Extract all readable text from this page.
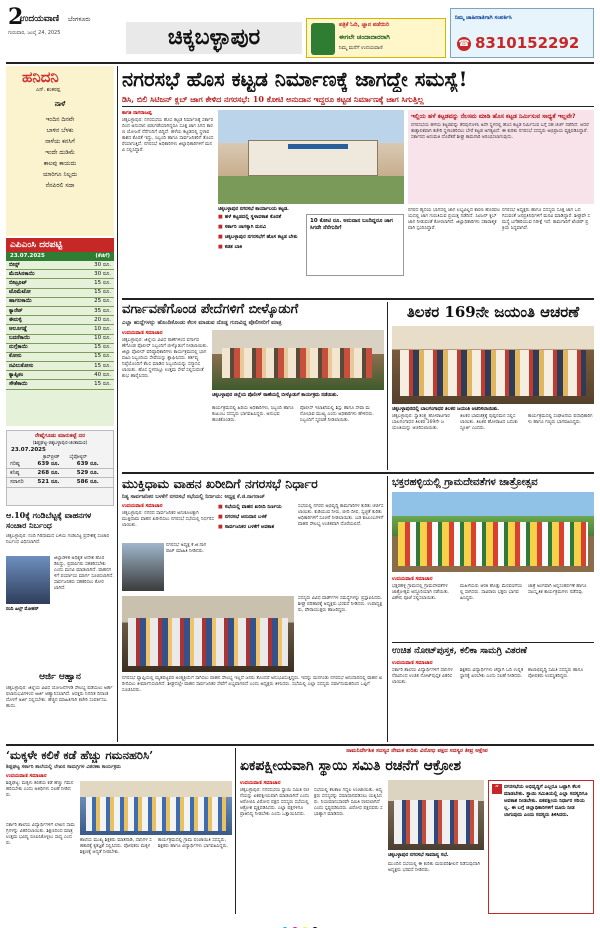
2
ಉದಯವಾಣಿ ಬೆಂಗಳೂರು
ಗುರುವಾರ, ಜುಲೈ 24, 2025	ಚಿಕ್ಕಬಳ್ಳಾಪುರ	ಪತ್ರಿಕೆ ಓದಿ, ಜ್ಞಾನ ಪಡೆಯಿರಿ
ಈಗಲೇ ಚಂದಾದಾರರಾಗಿ
ನಿಮ್ಮ ಮನೆಗೆ ಉದಯವಾಣಿ
ನಿಮ್ಮ ಜಾಹೀರಾತಿಗಾಗಿ ಸಂಪರ್ಕಿಸಿ
☎ 8310152292
ಹನಿದನಿ
ಎನ್. ಶಂಕರಪ್ಪ
ನಾಳೆ
ಇಂದಿನ ದಿನವೇ
ಬಾಳಿನ ಬೆಳಕು
ನಾಳೆಯ ಕನಸಿಗೆ
ಇಂದೇ ದುಡಿಮೆ
ಕಾಲವು ಕಾಯದು
ಯಾರಿಗೂ ನಿಲ್ಲದು
ನೆನಪಿರಲಿ ಸದಾ
ಎಪಿಎಂಸಿ ದರಪಟ್ಟಿ
23.07.2025	(ಕೆಜಿಗೆ)
ಬೀನ್ಸ್	30 ರೂ.
ಮೆಣಸಿನಕಾಯಿ	30 ರೂ.
ಬೀಟ್ರೂಟ್	15 ರೂ.
ಟೊಮೆಟೋ	15 ರೂ.
ಹಾಗಲಕಾಯಿ	25 ರೂ.
ಕ್ಯಾರೆಟ್	35 ರೂ.
ಈರುಳ್ಳಿ	20 ರೂ.
ಆಲೂಗಡ್ಡೆ	10 ರೂ.
ಬದನೆಕಾಯಿ	10 ರೂ.
ನುಗ್ಗೆಕಾಯಿ	15 ರೂ.
ಕೋಸು	15 ರೂ.
ನವಿಲುಕೋಸು	15 ರೂ.
ಕ್ಯಾಪ್ಸಿಕಂ	40 ರೂ.
ಸೌತೆಕಾಯಿ	15 ರೂ.
ರೇಷ್ಮೆಗೂಡು ಮಾರುಕಟ್ಟೆ ದರ
(ಶಿಡ್ಲಘಟ್ಟ-ಚಿಕ್ಕಬಳ್ಳಾಪುರ-ಚಿಂತಾಮಣಿ)
23.07.2025
ಕ್ರಾಸ್‌ಬ್ರೀಡ್ ಬೈವೋಲ್ಟಿನ್
ಗರಿಷ್ಠ	639 ರೂ.	639 ರೂ.
ಕನಿಷ್ಠ	268 ರೂ.	529 ರೂ.
ಸರಾಸರಿ	521 ರೂ.	586 ರೂ.
ಆ.10ಕ್ಕೆ ಗಂಡಿಬೆಟ್ಟಕ್ಕೆ ವಾಹನಗಳ ಸಂಚಾರ ನಿರ್ಬಂಧ
ಚಿಕ್ಕಬಳ್ಳಾಪುರ: ನಂದಿ ಗಿರಿಧಾಮದ ಬಳಿಯ ಗಂಡಿಬೆಟ್ಟ ಪ್ರದೇಶಕ್ಕೆ ಸಂಚಾರ ನಿರ್ಬಂಧ ವಿಧಿಸಲಾಗಿದೆ.
ನಂದಿ ಹಿಲ್ಸ್ ಮೋಹನ್
ಜಿಲ್ಲಾಡಳಿತ ಅಧಿಕೃತ ಆದೇಶ ಹೊರಡಿಸಿದ್ದು, ಪ್ರವಾಸಿಗರು ಸಹಕರಿಸಬೇಕು ಎಂದು ಮನವಿ ಮಾಡಲಾಗಿದೆ. ವಾಹನಗಳಿಗೆ ಪರ್ಯಾಯ ಮಾರ್ಗ ಸೂಚಿಸಲಾಗಿದೆ. ಸಾರ್ವಜನಿಕರು ಸಹಕರಿಸಲು ಕೋರಲಾಗಿದೆ.
ಆರ್ಜಿ ಆಹ್ವಾನ
ಚಿಕ್ಕಬಳ್ಳಾಪುರ: ಜಿಲ್ಲೆಯ ವಿವಿಧ ಯೋಜನೆಗಳಡಿ ಸೌಲಭ್ಯ ಪಡೆಯಲು ಅರ್ಹ ಫಲಾನುಭವಿಗಳಿಂದ ಅರ್ಜಿ ಆಹ್ವಾನಿಸಲಾಗಿದೆ. ಆಸಕ್ತರು ನಿಗದಿತ ದಿನಾಂಕದೊಳಗೆ ಅರ್ಜಿ ಸಲ್ಲಿಸಬೇಕು. ಹೆಚ್ಚಿನ ಮಾಹಿತಿಗಾಗಿ ಕಚೇರಿ ಸಂಪರ್ಕಿಸಬಹುದು.
ನಗರಸಭೆ ಹೊಸ ಕಟ್ಟಡ ನಿರ್ಮಾಣಕ್ಕೆ ಜಾಗದ್ದೇ ಸಮಸ್ಯೆ!
ಡಿಸಿ, ಬಿಲಿ ಸಿಟಿಜನ್ ಕ್ಲಬ್ ಜಾಗ ಕೇಳಿದ ನಗರಸಭೆ: 10 ಕೋಟಿ ಅನುದಾನ ಇದ್ದರೂ ಕಟ್ಟಡ ನಿರ್ಮಾಣಕ್ಕೆ ಜಾಗ ಸಿಗುತ್ತಿಲ್ಲ
ಕಾಗತಿ ನಾಗರಾಜಪ್ಪ
ಚಿಕ್ಕಬಳ್ಳಾಪುರ: ನಗರಸಭೆಯ ಹೊಸ ಕಟ್ಟಡ ನಿರ್ಮಾಣಕ್ಕೆ ಸರ್ಕಾರದಿಂದ ಅನುದಾನ ಬಿಡುಗಡೆಯಾಗಿದ್ದರೂ ಸೂಕ್ತ ಜಾಗ ಸಿಗದ ಕಾರಣ ಯೋಜನೆ ನೆನೆಗುದಿಗೆ ಬಿದ್ದಿದೆ. ಹಳೆಯ ಕಟ್ಟಡದಲ್ಲಿ ಸ್ಥಳಾವಕಾಶದ ಕೊರತೆ ಇದ್ದು, ಸಿಬ್ಬಂದಿ ಹಾಗೂ ಸಾರ್ವಜನಿಕರಿಗೆ ತೊಂದರೆಯಾಗುತ್ತಿದೆ. ನಗರಸಭೆ ಅಧಿಕಾರಿಗಳು ಜಿಲ್ಲಾಧಿಕಾರಿಗಳಿಗೆ ಮನವಿ ಸಲ್ಲಿಸಿದ್ದಾರೆ.
ಚಿಕ್ಕಬಳ್ಳಾಪುರ ನಗರಸಭೆ ಕಾರ್ಯಾಲಯ ಕಟ್ಟಡ.
■ ಹಳೆ ಕಟ್ಟಡದಲ್ಲಿ ಸ್ಥಳಾವಕಾಶ ಕೊರತೆ
■ ಸರ್ಕಾರಿ ಜಾಗಕ್ಕಾಗಿ ಮನವಿ
■ ಚಿಕ್ಕಬಳ್ಳಾಪುರ ನಗರಸಭೆಗೆ ಹೊಸ ಕಟ್ಟಡ ಬೇಕು
■ ಕಡತ ಬಾಕಿ
10 ಕೋಟಿ ರೂ. ಅನುದಾನ ಬಂದಿದ್ದರೂ ಜಾಗ ಸಿಗದೇ ನೆನೆಗುದಿಗೆ
ಇಲ್ಲಿಯ ಹಳೆ ಕಟ್ಟಡವನ್ನು ನೆಲಸಮ ಮಾಡಿ ಹೊಸ ಕಟ್ಟಡ ನಿರ್ಮಿಸುವ ಸಾಧ್ಯತೆ ಇಲ್ಲವೇ?
ನಗರಸಭೆಯ ಹಳೆಯ ಕಟ್ಟಡವನ್ನು ತೆರವುಗೊಳಿಸಿ ಅದೇ ಸ್ಥಳದಲ್ಲಿ ಹೊಸ ಕಟ್ಟಡ ನಿರ್ಮಿಸುವ ಬಗ್ಗೆ ಸಹ ಚರ್ಚೆ ನಡೆದಿದೆ. ಆದರೆ ತಾತ್ಕಾಲಿಕವಾಗಿ ಕಚೇರಿ ಸ್ಥಳಾಂತರಿಸಲು ಬೇರೆ ಕಟ್ಟಡ ಅಗತ್ಯವಿದೆ. ಈ ಕುರಿತು ನಗರಸಭೆ ಸದಸ್ಯರು ಅಭಿಪ್ರಾಯ ವ್ಯಕ್ತಪಡಿಸಿದ್ದಾರೆ. ಸರ್ಕಾರದ ಅನುಮತಿ ದೊರೆತರೆ ಶೀಘ್ರ ಕಾಮಗಾರಿ ಆರಂಭಿಸಲಾಗುವುದು.
ನಗರದ ಹೃದಯ ಭಾಗದಲ್ಲಿ ಜಾಗ ಲಭ್ಯವಿಲ್ಲದ ಕಾರಣ ಹೊರವಲಯದಲ್ಲಿ ಜಾಗ ಗುರುತಿಸುವ ಪ್ರಯತ್ನ ನಡೆದಿದೆ. ಸಿಟಿಜನ್ ಕ್ಲಬ್ ಜಾಗ ನೀಡುವಂತೆ ಕೋರಲಾಗಿದೆ. ಜಿಲ್ಲಾಧಿಕಾರಿಗಳು ಸಕಾರಾತ್ಮಕವಾಗಿ ಸ್ಪಂದಿಸಿದ್ದಾರೆ.
ನಗರಸಭೆ ಅಧ್ಯಕ್ಷರು ಹಾಗೂ ಸದಸ್ಯರು ಸೂಕ್ತ ಜಾಗ ಒದಗಿಸುವಂತೆ ಜನಪ್ರತಿನಿಧಿಗಳಿಗೆ ಮನವಿ ಮಾಡಿದ್ದಾರೆ. ಶೀಘ್ರವೇ ಸಮಸ್ಯೆ ಬಗೆಹರಿಯುವ ನಿರೀಕ್ಷೆ ಇದೆ. ಕಾಮಗಾರಿಗೆ ಟೆಂಡರ್ ಪ್ರಕ್ರಿಯೆ ಸಿದ್ಧವಾಗಿದೆ.
ವರ್ಗಾವಣೆಗೊಂಡ ಪೇದೆಗಳಿಗೆ ಬೀಳ್ಕೊಡುಗೆ
ಎಲ್ಲಾ ಹುದ್ದೆಗಳನ್ನು ಹೊಂದಿಕೊಂಡು ಕೆಲಸ ಮಾಡುವ ದೊಡ್ಡ ಗುಣವಿದ್ದ ಪೊಲೀಸರಿಗೆ ಮಾತ್ರ
ಉದಯವಾಣಿ ಸಮಾಚಾರ
ಚಿಕ್ಕಬಳ್ಳಾಪುರ: ಜಿಲ್ಲೆಯ ವಿವಿಧ ಠಾಣೆಗಳಿಂದ ವರ್ಗಾವಣೆಗೊಂಡ ಪೊಲೀಸ್ ಸಿಬ್ಬಂದಿಗೆ ಬೀಳ್ಕೊಡುಗೆ ನೀಡಲಾಯಿತು. ಜಿಲ್ಲಾ ಪೊಲೀಸ್ ವರಿಷ್ಠಾಧಿಕಾರಿಗಳು ಕಾರ್ಯಕ್ರಮದಲ್ಲಿ ಭಾಗವಹಿಸಿ ಸಿಬ್ಬಂದಿಯ ಸೇವೆಯನ್ನು ಶ್ಲಾಘಿಸಿದರು. ಕರ್ತವ್ಯ ನಿಷ್ಠೆಯೊಂದಿಗೆ ಕೆಲಸ ಮಾಡಿದ ಸಿಬ್ಬಂದಿಯನ್ನು ಸನ್ಮಾನಿಸಲಾಯಿತು. ಹೊಸ ಸ್ಥಳದಲ್ಲೂ ಉತ್ತಮ ಸೇವೆ ಸಲ್ಲಿಸುವಂತೆ ಶುಭ ಹಾರೈಸಿದರು.
ಚಿಕ್ಕಬಳ್ಳಾಪುರ ಜಿಲ್ಲೆಯ ಪೊಲೀಸ್ ಠಾಣೆಯಲ್ಲಿ ಬೀಳ್ಕೊಡುಗೆ ಕಾರ್ಯಕ್ರಮ ನಡೆಯಿತು.
ಕಾರ್ಯಕ್ರಮದಲ್ಲಿ ಹಿರಿಯ ಅಧಿಕಾರಿಗಳು, ಸಿಬ್ಬಂದಿ ಹಾಗೂ ಕುಟುಂಬ ಸದಸ್ಯರು ಭಾಗವಹಿಸಿದ್ದರು. ಅನುಭವ ಹಂಚಿಕೊಂಡರು.
ಪೊಲೀಸ್ ಇಲಾಖೆಯಲ್ಲಿ ಶಿಸ್ತು ಹಾಗೂ ಸೇವಾ ಮನೋಭಾವ ಮುಖ್ಯ ಎಂದು ಅಧಿಕಾರಿಗಳು ಹೇಳಿದರು. ಸಿಬ್ಬಂದಿಗೆ ಸ್ಮರಣಿಕೆ ನೀಡಲಾಯಿತು.
ತಿಲಕರ 169ನೇ ಜಯಂತಿ ಆಚರಣೆ
ಚಿಕ್ಕಬಳ್ಳಾಪುರದಲ್ಲಿ ಬಾಲಗಂಗಾಧರ ತಿಲಕರ ಜಯಂತಿ ಆಚರಿಸಲಾಯಿತು.
ಚಿಕ್ಕಬಳ್ಳಾಪುರ: ಸ್ವಾತಂತ್ರ್ಯ ಹೋರಾಟಗಾರ ಬಾಲಗಂಗಾಧರ ತಿಲಕರ 169ನೇ ಜಯಂತಿಯನ್ನು ಆಚರಿಸಲಾಯಿತು.
ತಿಲಕರ ಭಾವಚಿತ್ರಕ್ಕೆ ಪುಷ್ಪನಮನ ಸಲ್ಲಿಸಲಾಯಿತು. ತಿಲಕರ ಹೋರಾಟದ ಬದುಕು ಸ್ಫೂರ್ತಿ ಎಂದರು.
ಕಾರ್ಯಕ್ರಮದಲ್ಲಿ ಸಂಘಟನೆಯ ಪದಾಧಿಕಾರಿಗಳು ಹಾಗೂ ಗಣ್ಯರು ಭಾಗವಹಿಸಿದ್ದರು.
ಮುಕ್ತಿಧಾಮ ವಾಹನ ಖರೀದಿಗೆ ನಗರಸಭೆ ನಿರ್ಧಾರ
ನಿತ್ಯ ಸಾರ್ವಜನಿಕರ ಬಳಕೆಗೆ ನಗರಸಭೆ ಸಭೆಯಲ್ಲಿ ನಿರ್ಣಯ: ಅಧ್ಯಕ್ಷ ಕೆ.ಜಿ.ನಾಗರಾಜ್
ಉದಯವಾಣಿ ಸಮಾಚಾರ
ಚಿಕ್ಕಬಳ್ಳಾಪುರ: ನಗರದ ಸಾರ್ವಜನಿಕರ ಅನುಕೂಲಕ್ಕಾಗಿ ಮುಕ್ತಿಧಾಮ ವಾಹನ ಖರೀದಿಸಲು ನಗರಸಭೆ ಸಭೆಯಲ್ಲಿ ನಿರ್ಧರಿಸಲಾಯಿತು.
ನಗರಸಭೆ ಅಧ್ಯಕ್ಷ ಕೆ.ಜಿ.ನಾಗರಾಜ್ ಮಾಹಿತಿ ನೀಡಿದರು.
■ ಸಭೆಯಲ್ಲಿ ವಾಹನ ಖರೀದಿ ನಿರ್ಣಯ
■ ನಗರಸಭೆ ಅನುದಾನ ಬಳಕೆ
■ ಸಾರ್ವಜನಿಕರ ಬಳಕೆಗೆ ಅವಕಾಶ
ಸಭೆಯಲ್ಲಿ ನಗರದ ಅಭಿವೃದ್ಧಿ ಕಾಮಗಾರಿಗಳ ಕುರಿತು ಚರ್ಚಿಸಲಾಯಿತು. ಕುಡಿಯುವ ನೀರು, ಬೀದಿ ದೀಪ, ಸ್ವಚ್ಛತೆ ಕುರಿತು ಅಧಿಕಾರಿಗಳಿಗೆ ಸೂಚನೆ ನೀಡಲಾಯಿತು. ಬಡ ಕುಟುಂಬಗಳಿಗೆ ವಾಹನ ಸೌಲಭ್ಯ ಉಚಿತವಾಗಿ ದೊರೆಯಲಿದೆ.
ಸದಸ್ಯರು ವಿವಿಧ ವಾರ್ಡ್‌ಗಳ ಸಮಸ್ಯೆಗಳನ್ನು ಪ್ರಸ್ತಾಪಿಸಿದರು. ಶೀಘ್ರ ಪರಿಹಾರಕ್ಕೆ ಅಧ್ಯಕ್ಷರು ಭರವಸೆ ನೀಡಿದರು. ಉಪಾಧ್ಯಕ್ಷರು, ಪೌರಾಯುಕ್ತರು ಹಾಜರಿದ್ದರು.
ನಗರಸಭೆ ವ್ಯಾಪ್ತಿಯಲ್ಲಿ ಮೃತಪಟ್ಟವರ ಅಂತ್ಯಕ್ರಿಯೆಗೆ ಸಾಗಿಸಲು ವಾಹನ ಸೌಲಭ್ಯ ಇಲ್ಲದೆ ಜನರು ತೊಂದರೆ ಅನುಭವಿಸುತ್ತಿದ್ದರು. ಇದನ್ನು ಮನಗಂಡು ನಗರಸಭೆ ಅನುದಾನದಲ್ಲಿ ವಾಹನ ಖರೀದಿಸಲು ತೀರ್ಮಾನಿಸಲಾಗಿದೆ. ಶೀಘ್ರದಲ್ಲೇ ವಾಹನ ಸಾರ್ವಜನಿಕರ ಸೇವೆಗೆ ಲಭ್ಯವಾಗಲಿದೆ ಎಂದು ಅಧ್ಯಕ್ಷರು ತಿಳಿಸಿದರು. ಸಭೆಯಲ್ಲಿ ಎಲ್ಲಾ ಸದಸ್ಯರು ಸರ್ವಾನುಮತದಿಂದ ಒಪ್ಪಿಗೆ ಸೂಚಿಸಿದರು.
ಭಕ್ತರಹಳ್ಳಿಯಲ್ಲಿ ಗ್ರಾಮದೇವತೆಗಳ ಜಾತ್ರೋತ್ಸವ
ಉದಯವಾಣಿ ಸಮಾಚಾರ
ಭಕ್ತರಹಳ್ಳಿ ಗ್ರಾಮದಲ್ಲಿ ಗ್ರಾಮದೇವತೆಗಳ ಜಾತ್ರೋತ್ಸವ ಅದ್ದೂರಿಯಾಗಿ ನಡೆಯಿತು. ವಿಶೇಷ ಪೂಜೆ ಸಲ್ಲಿಸಲಾಯಿತು.
ಮಹಿಳೆಯರು ಆರತಿ ಹೊತ್ತು ಮೆರವಣಿಗೆಯಲ್ಲಿ ಸಾಗಿದರು. ಸಾವಿರಾರು ಭಕ್ತರು ಭಾಗವಹಿಸಿದ್ದರು.
ಜಾತ್ರೆ ಅಂಗವಾಗಿ ಅನ್ನಸಂತರ್ಪಣೆ ಹಾಗೂ ಸಾಂಸ್ಕೃತಿಕ ಕಾರ್ಯಕ್ರಮಗಳು ನಡೆದವು.
ಉಚಿತ ನೋಟ್‌ಪುಸ್ತಕ, ಕಲಿಕಾ ಸಾಮಗ್ರಿ ವಿತರಣೆ
ಉದಯವಾಣಿ ಸಮಾಚಾರ
ಸರ್ಕಾರಿ ಶಾಲೆಯ ವಿದ್ಯಾರ್ಥಿಗಳಿಗೆ ದಾನಿಗಳ ನೆರವಿನಿಂದ ಉಚಿತ ನೋಟ್‌ಪುಸ್ತಕ ವಿತರಿಸಲಾಯಿತು.
ಶಿಕ್ಷಕರು ವಿದ್ಯಾರ್ಥಿಗಳು ಚೆನ್ನಾಗಿ ಓದಿ ಉನ್ನತ ಸ್ಥಾನಕ್ಕೆ ಏರಬೇಕು ಎಂದು ಸಲಹೆ ನೀಡಿದರು.
ಶಾಲಾಭಿವೃದ್ಧಿ ಸಮಿತಿ ಸದಸ್ಯರು ಹಾಗೂ ಪೋಷಕರು ಉಪಸ್ಥಿತರಿದ್ದರು.
‘ಮಕ್ಕಳೇ ಕಲಿಕೆ ಕಡೆ ಹೆಚ್ಚು ಗಮನಹರಿಸಿ’
ಶಿಡ್ಲಘಟ್ಟ ಸರ್ಕಾರಿ ಶಾಲೆಯಲ್ಲಿ ಲೇಖನ ಸಾಮಗ್ರಿಗಳ ವಿತರಣಾ ಕಾರ್ಯಕ್ರಮ
ಉದಯವಾಣಿ ಸಮಾಚಾರ
ಶಿಡ್ಲಘಟ್ಟ: ಮಕ್ಕಳು ಕಲಿಕೆಯ ಕಡೆ ಹೆಚ್ಚು ಗಮನ ಹರಿಸಬೇಕು ಎಂದು ಅತಿಥಿಗಳು ಸಲಹೆ ನೀಡಿದರು.
ಸರ್ಕಾರಿ ಶಾಲೆಯ ವಿದ್ಯಾರ್ಥಿಗಳಿಗೆ ಲೇಖನ ಸಾಮಗ್ರಿಗಳನ್ನು ವಿತರಿಸಲಾಯಿತು. ಶಿಕ್ಷಣದಿಂದ ಮಾತ್ರ ಉತ್ತಮ ಭವಿಷ್ಯ ರೂಪಿಸಿಕೊಳ್ಳಲು ಸಾಧ್ಯ ಎಂದರು.
ಶಾಲೆಯ ಮುಖ್ಯ ಶಿಕ್ಷಕರು ಮಾತನಾಡಿ, ದಾನಿಗಳ ಸಹಕಾರಕ್ಕೆ ಕೃತಜ್ಞತೆ ಸಲ್ಲಿಸಿದರು. ಪೋಷಕರು ಮಕ್ಕಳ ಶಿಕ್ಷಣಕ್ಕೆ ಆದ್ಯತೆ ನೀಡಬೇಕು.
ಕಾರ್ಯಕ್ರಮದಲ್ಲಿ ಗ್ರಾಮ ಪಂಚಾಯಿತಿ ಸದಸ್ಯರು, ಶಿಕ್ಷಕರು ಹಾಗೂ ವಿದ್ಯಾರ್ಥಿಗಳು ಭಾಗವಹಿಸಿದ್ದರು.
ನಾಮನಿರ್ದೇಶಿತ ಸದಸ್ಯರ ನೇಮಕ ಕುರಿತು ವಿರೋಧ ಪಕ್ಷದ ಸದಸ್ಯರ ತೀವ್ರ ಆಕ್ಷೇಪ
ಏಕಪಕ್ಷೀಯವಾಗಿ ಸ್ಥಾಯಿ ಸಮಿತಿ ರಚನೆಗೆ ಆಕ್ರೋಶ
ಉದಯವಾಣಿ ಸಮಾಚಾರ
ಚಿಕ್ಕಬಳ್ಳಾಪುರ: ನಗರಸಭೆಯ ಸ್ಥಾಯಿ ಸಮಿತಿ ರಚನೆಯನ್ನು ಏಕಪಕ್ಷೀಯವಾಗಿ ಮಾಡಲಾಗಿದೆ ಎಂದು ಆರೋಪಿಸಿ ವಿರೋಧ ಪಕ್ಷದ ಸದಸ್ಯರು ಸಭೆಯಲ್ಲಿ ಆಕ್ರೋಶ ವ್ಯಕ್ತಪಡಿಸಿದರು. ಎಲ್ಲಾ ಪಕ್ಷಗಳಿಗೂ ಪ್ರಾತಿನಿಧ್ಯ ನೀಡಬೇಕು ಎಂದು ಒತ್ತಾಯಿಸಿದರು.
ಸಭೆಯಲ್ಲಿ ಕೆಲಕಾಲ ಗದ್ದಲ ಉಂಟಾಯಿತು. ಅಧ್ಯಕ್ಷರು ಸದಸ್ಯರನ್ನು ಸಮಾಧಾನಪಡಿಸಲು ಯತ್ನಿಸಿದರು. ನಿಯಮಾನುಸಾರವೇ ಸಮಿತಿ ರಚಿಸಲಾಗಿದೆ ಎಂದು ಸ್ಪಷ್ಟಪಡಿಸಿದರು. ವಿರೋಧ ಪಕ್ಷದವರು ಸಭಾತ್ಯಾಗ ಮಾಡಿದರು.
ಚಿಕ್ಕಬಳ್ಳಾಪುರ ನಗರಸಭೆ ಸಾಮಾನ್ಯ ಸಭೆ.
ಮುಂದಿನ ಸಭೆಯಲ್ಲಿ ಈ ಕುರಿತು ಮರುಪರಿಶೀಲನೆ ನಡೆಸುವುದಾಗಿ ಅಧ್ಯಕ್ಷರು ಭರವಸೆ ನೀಡಿದರು.
“ ನಗರಸಭೆಯ ಅಭಿವೃದ್ಧಿಗೆ ಎಲ್ಲರೂ ಒಟ್ಟಾಗಿ ಕೆಲಸ ಮಾಡಬೇಕು. ಸ್ಥಾಯಿ ಸಮಿತಿಯಲ್ಲಿ ಎಲ್ಲಾ ಸದಸ್ಯರಿಗೂ ಅವಕಾಶ ನೀಡಬೇಕು. ಏಕಪಕ್ಷೀಯ ನಿರ್ಧಾರ ಸರಿಯಲ್ಲ. ಈ ಬಗ್ಗೆ ಜಿಲ್ಲಾಧಿಕಾರಿಗಳಿಗೆ ದೂರು ನೀಡಲಾಗುವುದು ಎಂದು ಸದಸ್ಯರು ತಿಳಿಸಿದರು.
